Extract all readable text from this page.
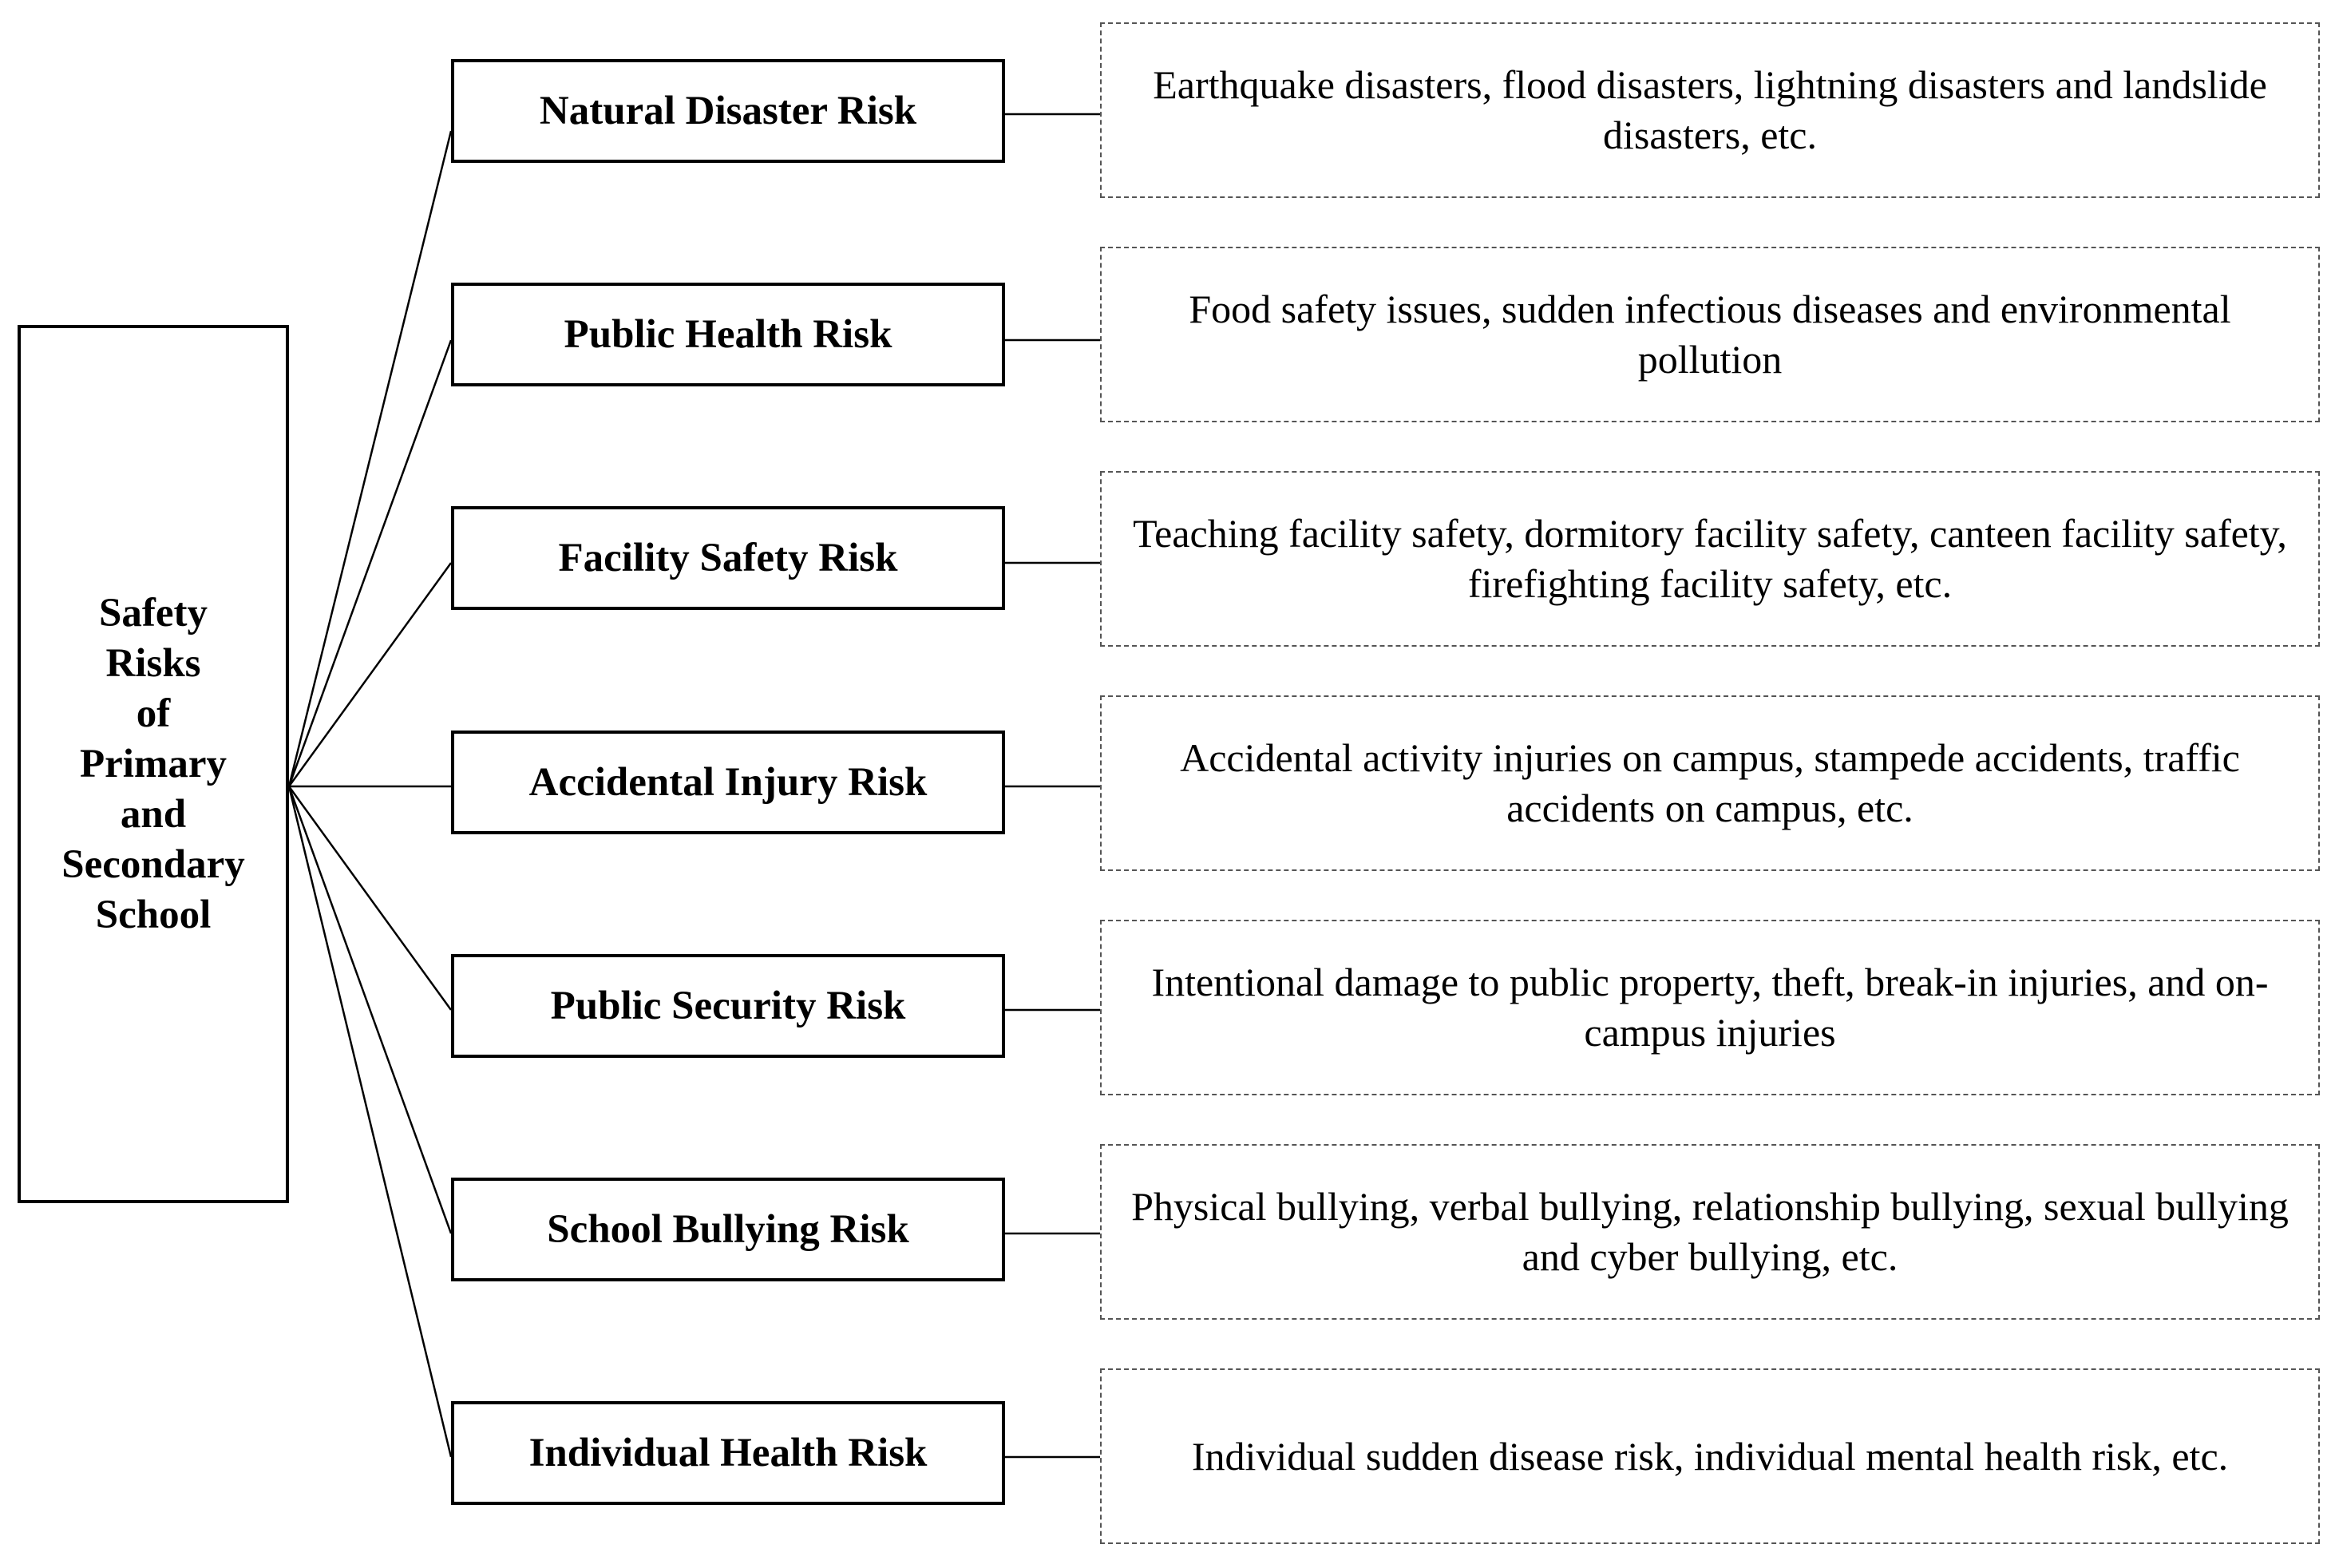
Safety
Risks
of
Primary
and
Secondary
School
Natural Disaster Risk
Public Health Risk
Facility Safety Risk
Accidental Injury Risk
Public Security Risk
School Bullying Risk
Individual Health Risk
Earthquake disasters, flood disasters, lightning disasters and landslide disasters, etc.
Food safety issues, sudden infectious diseases and environmental pollution
Teaching facility safety, dormitory facility safety, canteen facility safety, firefighting facility safety, etc.
Accidental activity injuries on campus, stampede accidents, traffic accidents on campus, etc.
Intentional damage to public property, theft, break-in injuries, and on-campus injuries
Physical bullying, verbal bullying, relationship bullying, sexual bullying and cyber bullying, etc.
Individual sudden disease risk, individual mental health risk, etc.
